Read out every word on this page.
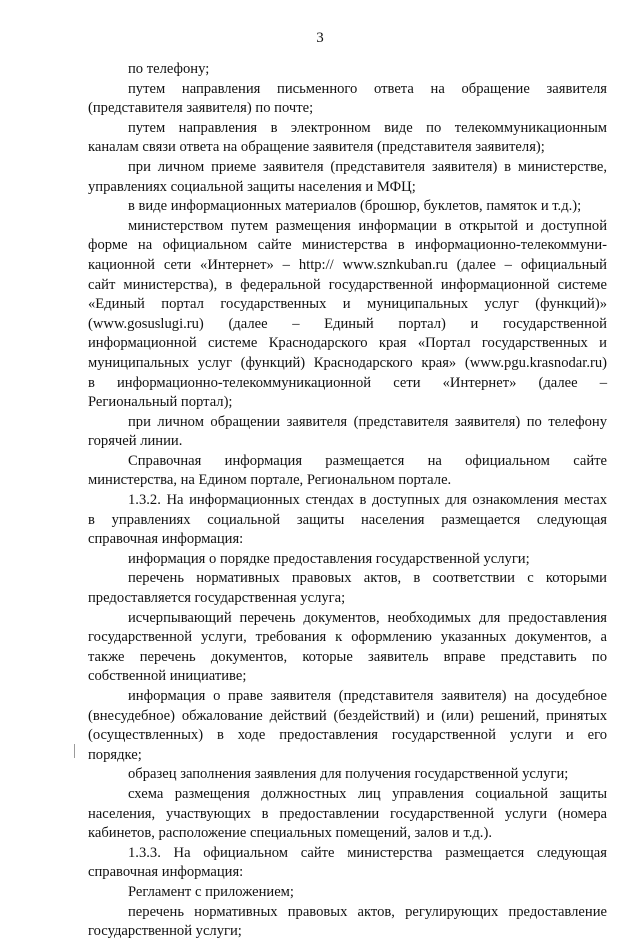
3
по телефону;
путем направления письменного ответа на обращение заявителя
(представителя заявителя) по почте;
путем направления в электронном виде по телекоммуникационным
каналам связи ответа на обращение заявителя (представителя заявителя);
при личном приеме заявителя (представителя заявителя) в министерстве,
управлениях социальной защиты населения и МФЦ;
в виде информационных материалов (брошюр, буклетов, памяток и т.д.);
министерством путем размещения информации в открытой и доступной
форме на официальном сайте министерства в информационно-телекоммуни-
кационной сети «Интернет» – http:// www.sznkuban.ru (далее – официальный
сайт министерства), в федеральной государственной информационной системе
«Единый портал государственных и муниципальных услуг (функций)»
(www.gosuslugi.ru) (далее – Единый портал) и государственной
информационной системе Краснодарского края «Портал государственных и
муниципальных услуг (функций) Краснодарского края» (www.pgu.krasnodar.ru)
в информационно-телекоммуникационной сети «Интернет» (далее –
Региональный портал);
при личном обращении заявителя (представителя заявителя) по телефону
горячей линии.
Справочная информация размещается на официальном сайте
министерства, на Едином портале, Региональном портале.
1.3.2. На информационных стендах в доступных для ознакомления местах
в управлениях социальной защиты населения размещается следующая
справочная информация:
информация о порядке предоставления государственной услуги;
перечень нормативных правовых актов, в соответствии с которыми
предоставляется государственная услуга;
исчерпывающий перечень документов, необходимых для предоставления
государственной услуги, требования к оформлению указанных документов, а
также перечень документов, которые заявитель вправе представить по
собственной инициативе;
информация о праве заявителя (представителя заявителя) на досудебное
(внесудебное) обжалование действий (бездействий) и (или) решений, принятых
(осуществленных) в ходе предоставления государственной услуги и его
порядке;
образец заполнения заявления для получения государственной услуги;
схема размещения должностных лиц управления социальной защиты
населения, участвующих в предоставлении государственной услуги (номера
кабинетов, расположение специальных помещений, залов и т.д.).
1.3.3. На официальном сайте министерства размещается следующая
справочная информация:
Регламент с приложением;
перечень нормативных правовых актов, регулирующих предоставление
государственной услуги;
